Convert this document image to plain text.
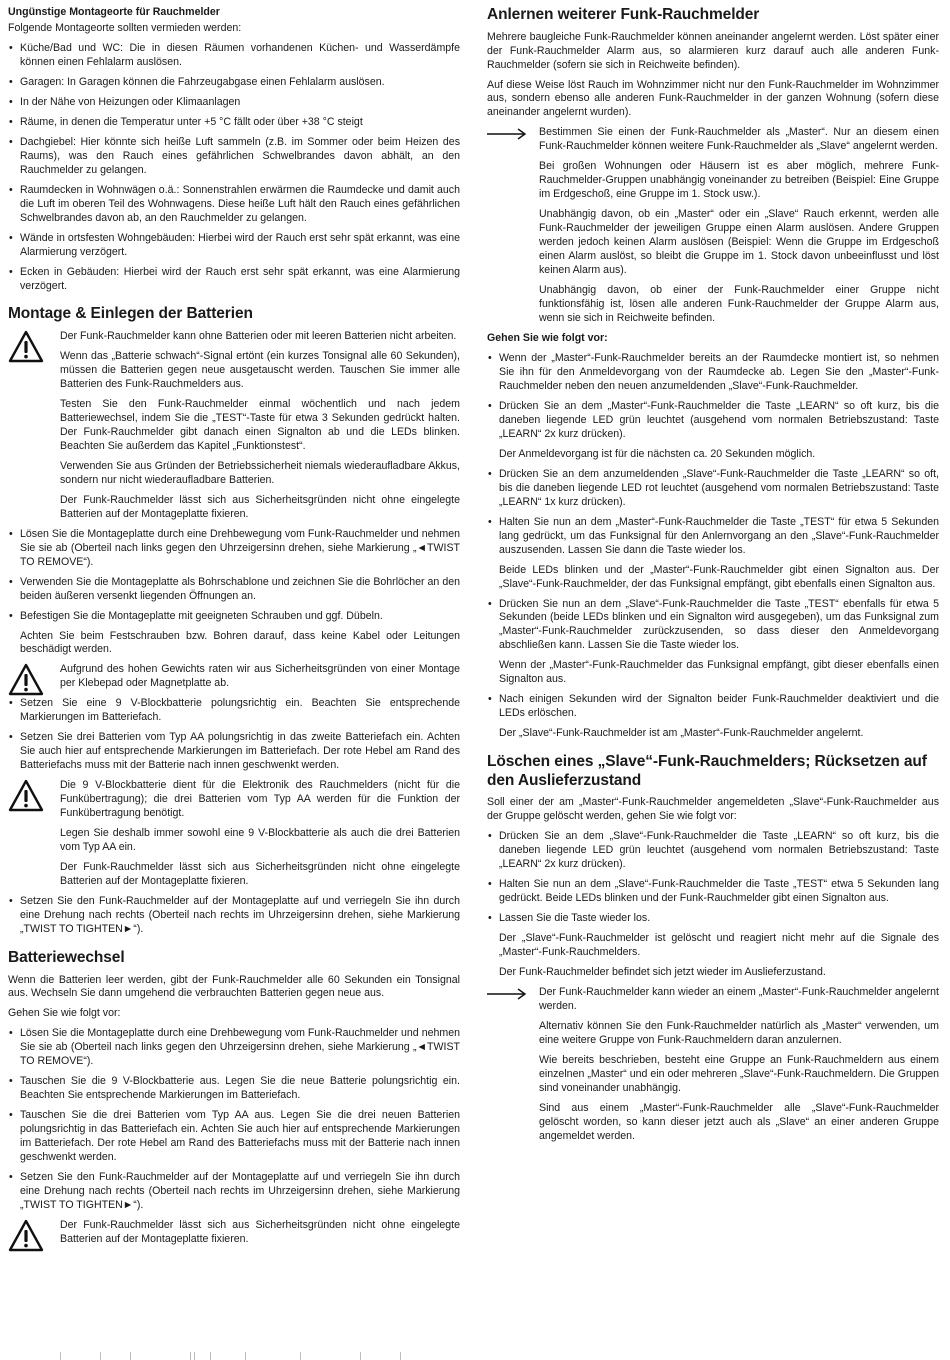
Ungünstige Montageorte für Rauchmelder

Folgende Montageorte sollten vermieden werden:

• Küche/Bad und WC: Die in diesen Räumen vorhandenen Küchen- und Wasserdämpfe können einen Fehlalarm auslösen.
• Garagen: In Garagen können die Fahrzeugabgase einen Fehlalarm auslösen.
• In der Nähe von Heizungen oder Klimaanlagen
• Räume, in denen die Temperatur unter +5 °C fällt oder über +38 °C steigt
• Dachgiebel: Hier könnte sich heiße Luft sammeln (z.B. im Sommer oder beim Heizen des Raums), was den Rauch eines gefährlichen Schwelbrandes davon abhält, an den Rauchmelder zu gelangen.
• Raumdecken in Wohnwägen o.ä.: Sonnenstrahlen erwärmen die Raumdecke und damit auch die Luft im oberen Teil des Wohnwagens. Diese heiße Luft hält den Rauch eines gefährlichen Schwelbrandes davon ab, an den Rauchmelder zu gelangen.
• Wände in ortsfesten Wohngebäuden: Hierbei wird der Rauch erst sehr spät erkannt, was eine Alarmierung verzögert.
• Ecken in Gebäuden: Hierbei wird der Rauch erst sehr spät erkannt, was eine Alarmierung verzögert.
Montage & Einlegen der Batterien

Der Funk-Rauchmelder kann ohne Batterien oder mit leeren Batterien nicht arbeiten.

Wenn das „Batterie schwach“-Signal ertönt (ein kurzes Tonsignal alle 60 Sekunden), müssen die Batterien gegen neue ausgetauscht werden. Tauschen Sie immer alle Batterien des Funk-Rauchmelders aus.

Testen Sie den Funk-Rauchmelder einmal wöchentlich und nach jedem Batteriewechsel, indem Sie die „TEST“-Taste für etwa 3 Sekunden gedrückt halten. Der Funk-Rauchmelder gibt danach einen Signalton ab und die LEDs blinken. Beachten Sie außerdem das Kapitel „Funktionstest“.

Verwenden Sie aus Gründen der Betriebssicherheit niemals wiederaufladbare Akkus, sondern nur nicht wiederaufladbare Batterien.

Der Funk-Rauchmelder lässt sich aus Sicherheitsgründen nicht ohne eingelegte Batterien auf der Montageplatte fixieren.

• Lösen Sie die Montageplatte durch eine Drehbewegung vom Funk-Rauchmelder und nehmen Sie sie ab (Oberteil nach links gegen den Uhrzeigersinn drehen, siehe Markierung „◄TWIST TO REMOVE“).
• Verwenden Sie die Montageplatte als Bohrschablone und zeichnen Sie die Bohrlöcher an den beiden äußeren versenkt liegenden Öffnungen an.
• Befestigen Sie die Montageplatte mit geeigneten Schrauben und ggf. Dübeln.

Achten Sie beim Festschrauben bzw. Bohren darauf, dass keine Kabel oder Leitungen beschädigt werden.

Aufgrund des hohen Gewichts raten wir aus Sicherheitsgründen von einer Montage per Klebepad oder Magnetplatte ab.

• Setzen Sie eine 9 V-Blockbatterie polungsrichtig ein. Beachten Sie entsprechende Markierungen im Batteriefach.
• Setzen Sie drei Batterien vom Typ AA polungsrichtig in das zweite Batteriefach ein. Achten Sie auch hier auf entsprechende Markierungen im Batteriefach. Der rote Hebel am Rand des Batteriefachs muss mit der Batterie nach innen geschwenkt werden.

Die 9 V-Blockbatterie dient für die Elektronik des Rauchmelders (nicht für die Funkübertragung); die drei Batterien vom Typ AA werden für die Funktion der Funkübertragung benötigt.

Legen Sie deshalb immer sowohl eine 9 V-Blockbatterie als auch die drei Batterien vom Typ AA ein.

Der Funk-Rauchmelder lässt sich aus Sicherheitsgründen nicht ohne eingelegte Batterien auf der Montageplatte fixieren.

• Setzen Sie den Funk-Rauchmelder auf der Montageplatte auf und verriegeln Sie ihn durch eine Drehung nach rechts (Oberteil nach rechts im Uhrzeigersinn drehen, siehe Markierung „TWIST TO TIGHTEN►“).
Batteriewechsel

Wenn die Batterien leer werden, gibt der Funk-Rauchmelder alle 60 Sekunden ein Tonsignal aus. Wechseln Sie dann umgehend die verbrauchten Batterien gegen neue aus.

Gehen Sie wie folgt vor:

• Lösen Sie die Montageplatte durch eine Drehbewegung vom Funk-Rauchmelder und nehmen Sie sie ab (Oberteil nach links gegen den Uhrzeigersinn drehen, siehe Markierung „◄TWIST TO REMOVE“).
• Tauschen Sie die 9 V-Blockbatterie aus. Legen Sie die neue Batterie polungsrichtig ein. Beachten Sie entsprechende Markierungen im Batteriefach.
• Tauschen Sie die drei Batterien vom Typ AA aus. Legen Sie die drei neuen Batterien polungsrichtig in das Batteriefach ein. Achten Sie auch hier auf entsprechende Markierungen im Batteriefach. Der rote Hebel am Rand des Batteriefachs muss mit der Batterie nach innen geschwenkt werden.
• Setzen Sie den Funk-Rauchmelder auf der Montageplatte auf und verriegeln Sie ihn durch eine Drehung nach rechts (Oberteil nach rechts im Uhrzeigersinn drehen, siehe Markierung „TWIST TO TIGHTEN►“).

Der Funk-Rauchmelder lässt sich aus Sicherheitsgründen nicht ohne eingelegte Batterien auf der Montageplatte fixieren.

Anlernen weiterer Funk-Rauchmelder

Mehrere baugleiche Funk-Rauchmelder können aneinander angelernt werden. Löst später einer der Funk-Rauchmelder Alarm aus, so alarmieren kurz darauf auch alle anderen Funk-Rauchmelder (sofern sie sich in Reichweite befinden).

Auf diese Weise löst Rauch im Wohnzimmer nicht nur den Funk-Rauchmelder im Wohnzimmer aus, sondern ebenso alle anderen Funk-Rauchmelder in der ganzen Wohnung (sofern diese aneinander angelernt wurden).

Bestimmen Sie einen der Funk-Rauchmelder als „Master“. Nur an diesem einen Funk-Rauchmelder können weitere Funk-Rauchmelder als „Slave“ angelernt werden.

Bei großen Wohnungen oder Häusern ist es aber möglich, mehrere Funk-Rauchmelder-Gruppen unabhängig voneinander zu betreiben (Beispiel: Eine Gruppe im Erdgeschoß, eine Gruppe im 1. Stock usw.).

Unabhängig davon, ob ein „Master“ oder ein „Slave“ Rauch erkennt, werden alle Funk-Rauchmelder der jeweiligen Gruppe einen Alarm auslösen. Andere Gruppen werden jedoch keinen Alarm auslösen (Beispiel: Wenn die Gruppe im Erdgeschoß einen Alarm auslöst, so bleibt die Gruppe im 1. Stock davon unbeeinflusst und löst keinen Alarm aus).

Unabhängig davon, ob einer der Funk-Rauchmelder einer Gruppe nicht funktionsfähig ist, lösen alle anderen Funk-Rauchmelder der Gruppe Alarm aus, wenn sie sich in Reichweite befinden.

Gehen Sie wie folgt vor:

• Wenn der „Master“-Funk-Rauchmelder bereits an der Raumdecke montiert ist, so nehmen Sie ihn für den Anmeldevorgang von der Raumdecke ab. Legen Sie den „Master“-Funk-Rauchmelder neben den neuen anzumeldenden „Slave“-Funk-Rauchmelder.
• Drücken Sie an dem „Master“-Funk-Rauchmelder die Taste „LEARN“ so oft kurz, bis die daneben liegende LED grün leuchtet (ausgehend vom normalen Betriebszustand: Taste „LEARN“ 2x kurz drücken).

Der Anmeldevorgang ist für die nächsten ca. 20 Sekunden möglich.

• Drücken Sie an dem anzumeldenden „Slave“-Funk-Rauchmelder die Taste „LEARN“ so oft, bis die daneben liegende LED rot leuchtet (ausgehend vom normalen Betriebszustand: Taste „LEARN“ 1x kurz drücken).
• Halten Sie nun an dem „Master“-Funk-Rauchmelder die Taste „TEST“ für etwa 5 Sekunden lang gedrückt, um das Funksignal für den Anlernvorgang an den „Slave“-Funk-Rauchmelder auszusenden. Lassen Sie dann die Taste wieder los.

Beide LEDs blinken und der „Master“-Funk-Rauchmelder gibt einen Signalton aus. Der „Slave“-Funk-Rauchmelder, der das Funksignal empfängt, gibt ebenfalls einen Signalton aus.

• Drücken Sie nun an dem „Slave“-Funk-Rauchmelder die Taste „TEST“ ebenfalls für etwa 5 Sekunden (beide LEDs blinken und ein Signalton wird ausgegeben), um das Funksignal zum „Master“-Funk-Rauchmelder zurückzusenden, so dass dieser den Anmeldevorgang abschließen kann. Lassen Sie die Taste wieder los.

Wenn der „Master“-Funk-Rauchmelder das Funksignal empfängt, gibt dieser ebenfalls einen Signalton aus.

• Nach einigen Sekunden wird der Signalton beider Funk-Rauchmelder deaktiviert und die LEDs erlöschen.

Der „Slave“-Funk-Rauchmelder ist am „Master“-Funk-Rauchmelder angelernt.

Löschen eines „Slave“-Funk-Rauchmelders; Rücksetzen auf den Auslieferzustand

Soll einer der am „Master“-Funk-Rauchmelder angemeldeten „Slave“-Funk-Rauchmelder aus der Gruppe gelöscht werden, gehen Sie wie folgt vor:

• Drücken Sie an dem „Slave“-Funk-Rauchmelder die Taste „LEARN“ so oft kurz, bis die daneben liegende LED grün leuchtet (ausgehend vom normalen Betriebszustand: Taste „LEARN“ 2x kurz drücken).
• Halten Sie nun an dem „Slave“-Funk-Rauchmelder die Taste „TEST“ etwa 5 Sekunden lang gedrückt. Beide LEDs blinken und der Funk-Rauchmelder gibt einen Signalton aus.
• Lassen Sie die Taste wieder los.

Der „Slave“-Funk-Rauchmelder ist gelöscht und reagiert nicht mehr auf die Signale des „Master“-Funk-Rauchmelders.

Der Funk-Rauchmelder befindet sich jetzt wieder im Auslieferzustand.

Der Funk-Rauchmelder kann wieder an einem „Master“-Funk-Rauchmelder angelernt werden.

Alternativ können Sie den Funk-Rauchmelder natürlich als „Master“ verwenden, um eine weitere Gruppe von Funk-Rauchmeldern daran anzulernen.

Wie bereits beschrieben, besteht eine Gruppe an Funk-Rauchmeldern aus einem einzelnen „Master“ und ein oder mehreren „Slave“-Funk-Rauchmeldern. Die Gruppen sind voneinander unabhängig.

Sind aus einem „Master“-Funk-Rauchmelder alle „Slave“-Funk-Rauchmelder gelöscht worden, so kann dieser jetzt auch als „Slave“ an einer anderen Gruppe angemeldet werden.
